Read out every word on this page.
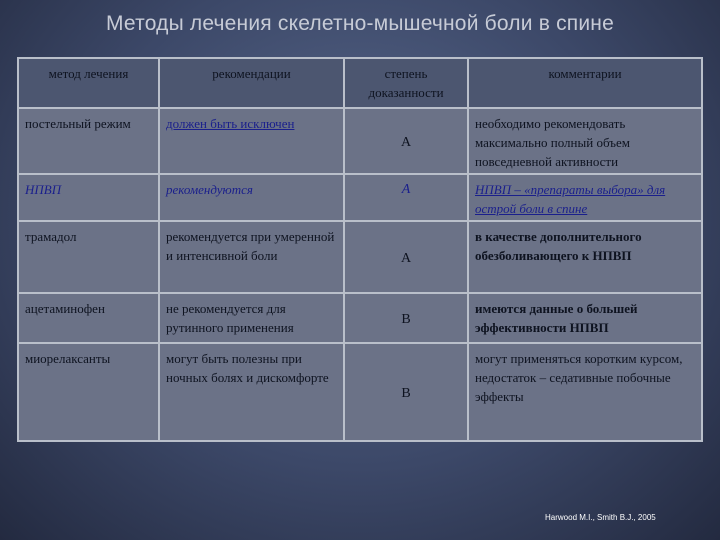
Методы лечения скелетно-мышечной боли в спине
метод лечения	рекомендации	степень доказанности	комментарии
постельный режим	должен быть исключен	A	необходимо рекомендовать максимально полный объем повседневной активности
НПВП	рекомендуются	A	НПВП – «препараты выбора» для острой боли в спине
трамадол	рекомендуется при умеренной и интенсивной боли	A	в качестве дополнительного обезболивающего к НПВП
ацетаминофен	не рекомендуется для рутинного применения	B	имеются данные о большей эффективности НПВП
миорелаксанты	могут быть полезны при ночных болях и дискомфорте	B	могут применяться коротким курсом, недостаток – седативные побочные эффекты
Harwood M.I., Smith B.J., 2005
